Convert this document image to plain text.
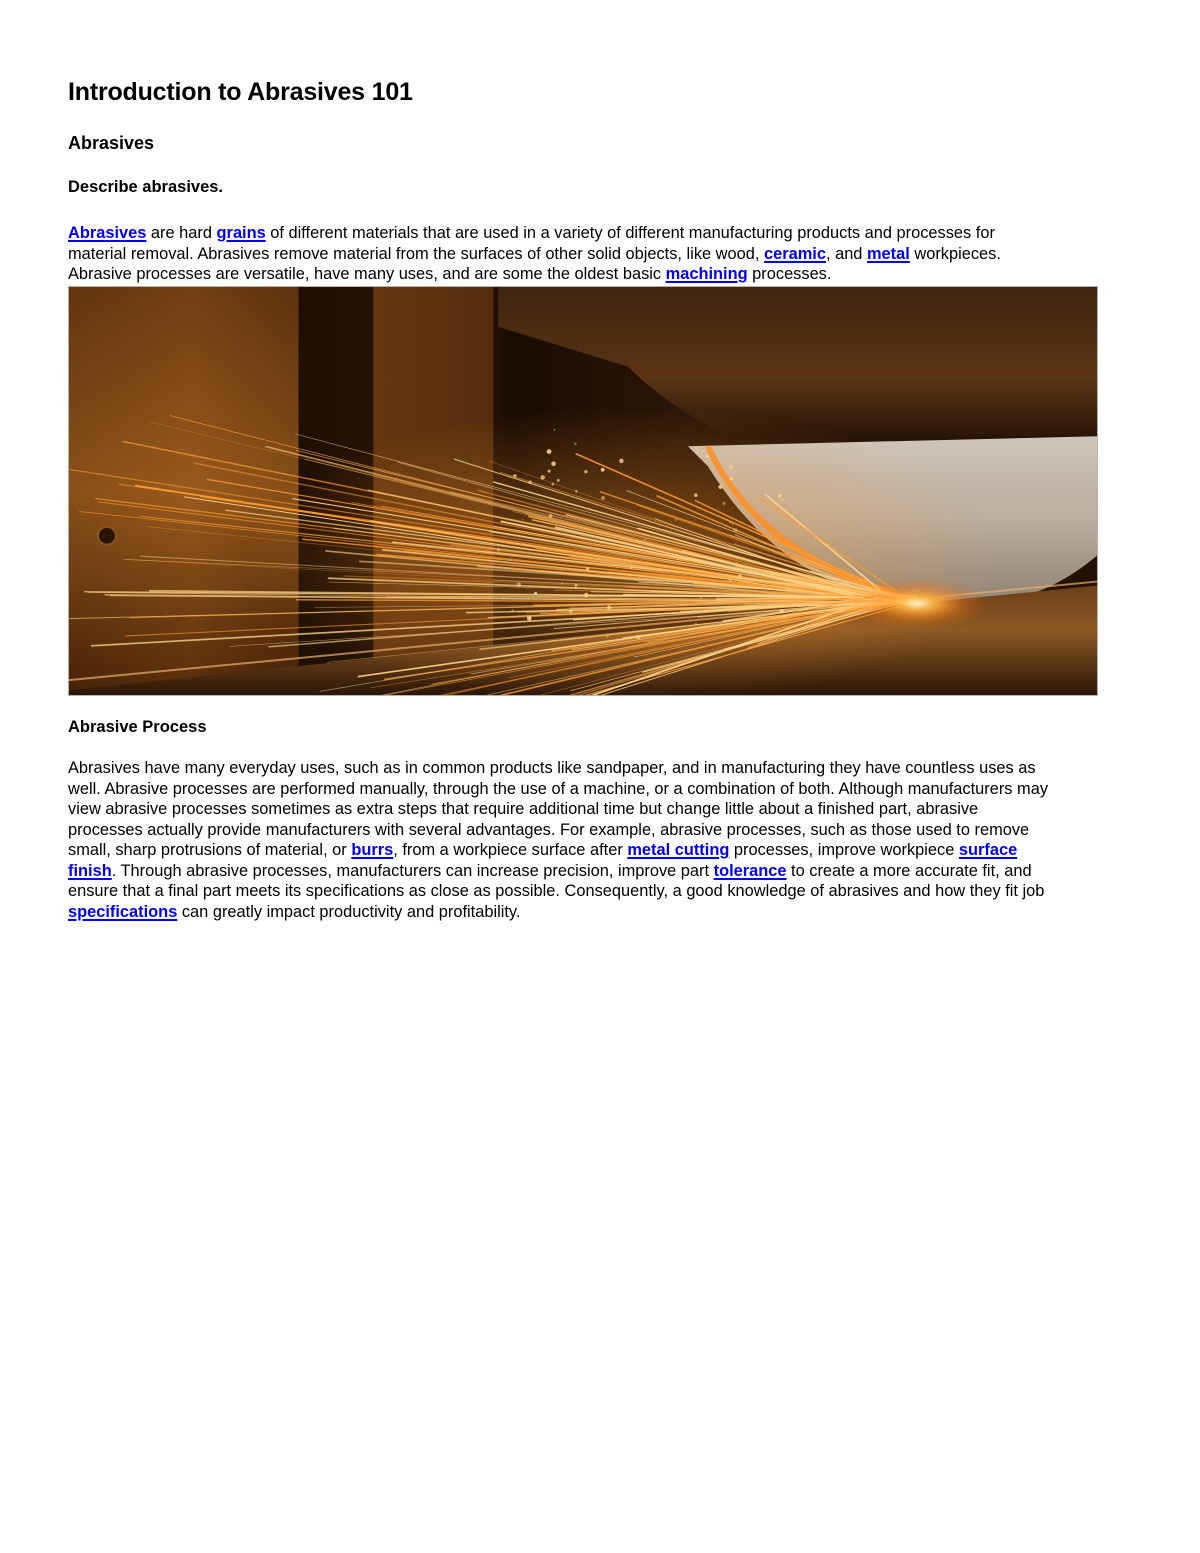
Introduction to Abrasives 101
Abrasives
Describe abrasives.

Abrasives are hard grains of different materials that are used in a variety of different manufacturing products and processes for
material removal. Abrasives remove material from the surfaces of other solid objects, like wood, ceramic, and metal workpieces.
Abrasive processes are versatile, have many uses, and are some the oldest basic machining processes.

Abrasive Process

Abrasives have many everyday uses, such as in common products like sandpaper, and in manufacturing they have countless uses as
well. Abrasive processes are performed manually, through the use of a machine, or a combination of both. Although manufacturers may
view abrasive processes sometimes as extra steps that require additional time but change little about a finished part, abrasive
processes actually provide manufacturers with several advantages. For example, abrasive processes, such as those used to remove
small, sharp protrusions of material, or burrs, from a workpiece surface after metal cutting processes, improve workpiece surface
finish. Through abrasive processes, manufacturers can increase precision, improve part tolerance to create a more accurate fit, and
ensure that a final part meets its specifications as close as possible. Consequently, a good knowledge of abrasives and how they fit job
specifications can greatly impact productivity and profitability.
